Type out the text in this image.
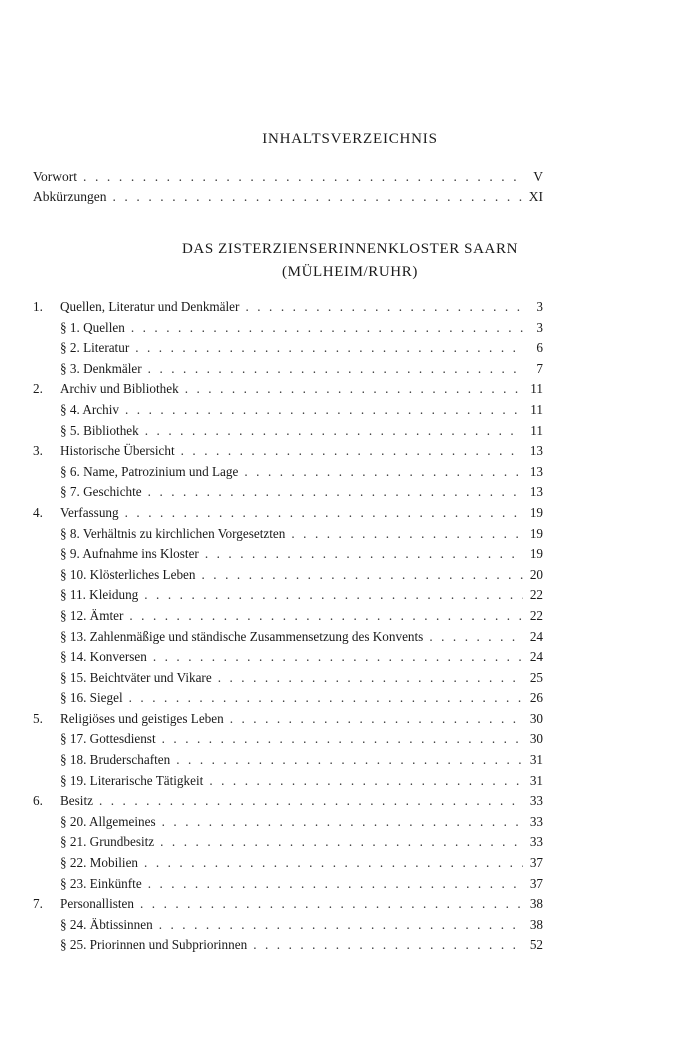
INHALTSVERZEICHNIS
Vorwort . . .	V
Abkürzungen . . .	XI
DAS ZISTERZIENSERINNENKLOSTER SAARN
(MÜLHEIM/RUHR)
1.	Quellen, Literatur und Denkmäler . . .	3
§ 1. Quellen . . .	3
§ 2. Literatur . . .	6
§ 3. Denkmäler . . .	7
2.	Archiv und Bibliothek . . .	11
§ 4. Archiv . . .	11
§ 5. Bibliothek . . .	11
3.	Historische Übersicht . . .	13
§ 6. Name, Patrozinium und Lage . . .	13
§ 7. Geschichte . . .	13
4.	Verfassung . . .	19
§ 8. Verhältnis zu kirchlichen Vorgesetzten . . .	19
§ 9. Aufnahme ins Kloster . . .	19
§ 10. Klösterliches Leben . . .	20
§ 11. Kleidung . . .	22
§ 12. Ämter . . .	22
§ 13. Zahlenmäßige und ständische Zusammensetzung des Konvents . . .	24
§ 14. Konversen . . .	24
§ 15. Beichtväter und Vikare . . .	25
§ 16. Siegel . . .	26
5.	Religiöses und geistiges Leben . . .	30
§ 17. Gottesdienst . . .	30
§ 18. Bruderschaften . . .	31
§ 19. Literarische Tätigkeit . . .	31
6.	Besitz . . .	33
§ 20. Allgemeines . . .	33
§ 21. Grundbesitz . . .	33
§ 22. Mobilien . . .	37
§ 23. Einkünfte . . .	37
7.	Personallisten . . .	38
§ 24. Äbtissinnen . . .	38
§ 25. Priorinnen und Subpriorinnen . . .	52
